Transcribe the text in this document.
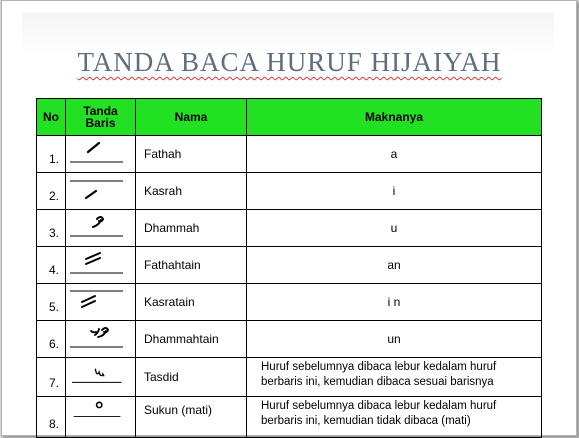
TANDA BACA HURUF HIJAIYAH
No	Tanda Baris	Nama	Maknanya
1.		Fathah	a
2.		Kasrah	i
3.		Dhammah	u
4.		Fathahtain	an
5.		Kasratain	i n
6.		Dhammahtain	un
7.		Tasdid	Huruf sebelumnya dibaca lebur kedalam huruf
berbaris ini, kemudian dibaca sesuai barisnya

8.		Sukun (mati)	Huruf sebelumnya dibaca lebur kedalam huruf
berbaris ini, kemudian tidak dibaca (mati)
